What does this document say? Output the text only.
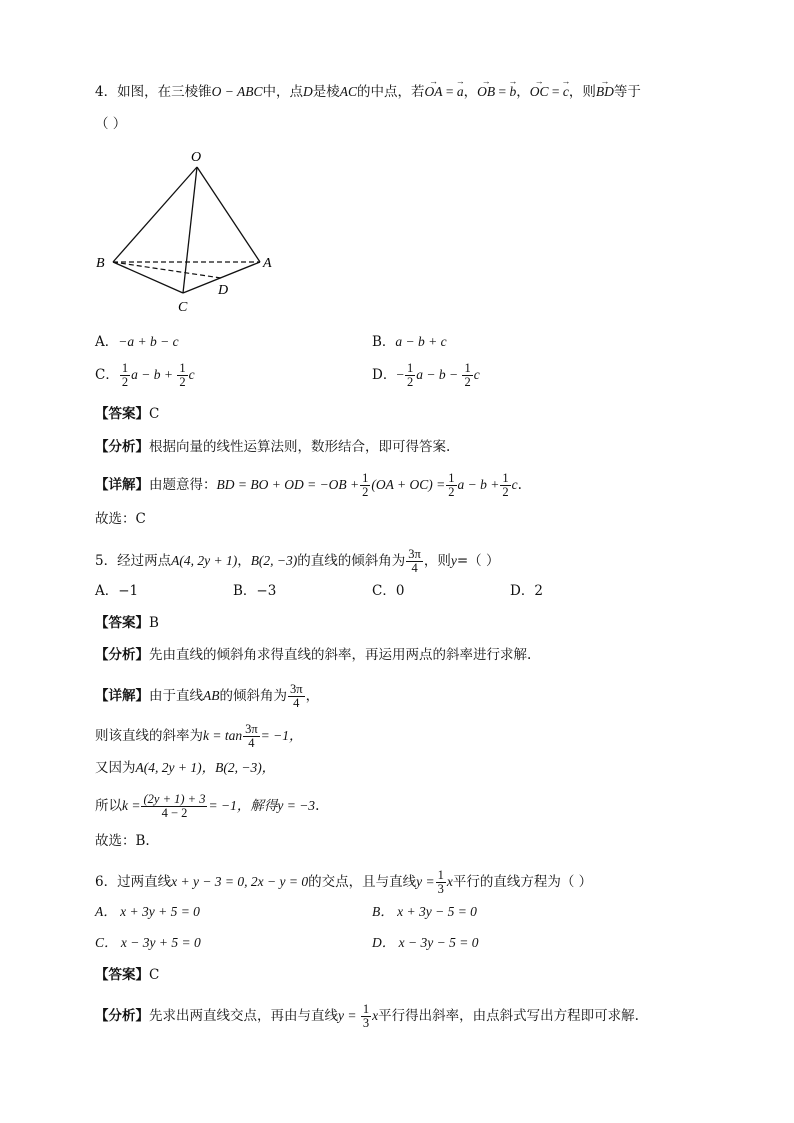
4．如图，在三棱锥O − ABC中，点D是棱AC的中点，若→ OA = → a，→ OB = → b，→ OC = → c，则→ BD等于
（ ）
O
B	A
C
D
A．−a + b − c	B．a − b + c
C． $\frac{1}{2}$ $a - b + \frac{1}{2}$ c	D．− $\frac{1}{2}$ $a - b - \frac{1}{2}$ c
【答案】C
【分析】根据向量的线性运算法则，数形结合，即可得答案.
【详解】由题意得：BD = BO + OD = $-OB + \frac{1}{2} (OA + OC) = \frac{1}{2}$ $a - b + \frac{1}{2} c$.
故选：C
5．经过两点A(4, 2y + 1)，B(2, −3)的直线的倾斜角为 $\frac{3\pi}{4}$ ，则y=（ ）
A．−1	B．−3	C．0	D．2
【答案】B
【分析】先由直线的倾斜角求得直线的斜率，再运用两点的斜率进行求解.
【详解】由于直线AB的倾斜角为 $\frac{3\pi}{4}$ ，
则该直线的斜率为$k = \tan \frac{3\pi}{4} = -1$，
又因为A(4, 2y + 1)，B(2, −3)，
所以$k = \frac{(2y + 1) + 3}{4 - 2} = -1$，解得y = −3.
故选：B.
6．过两直线x + y − 3 = 0, 2x − y = 0的交点，且与直线$y = \frac{1}{3}$ x平行的直线方程为（ ）
A． x + 3y + 5 = 0	B． x + 3y − 5 = 0
C． x − 3y + 5 = 0	D． x − 3y − 5 = 0
【答案】C
【分析】先求出两直线交点，再由与直线$y = \frac{1}{3}$ x平行得出斜率，由点斜式写出方程即可求解.
